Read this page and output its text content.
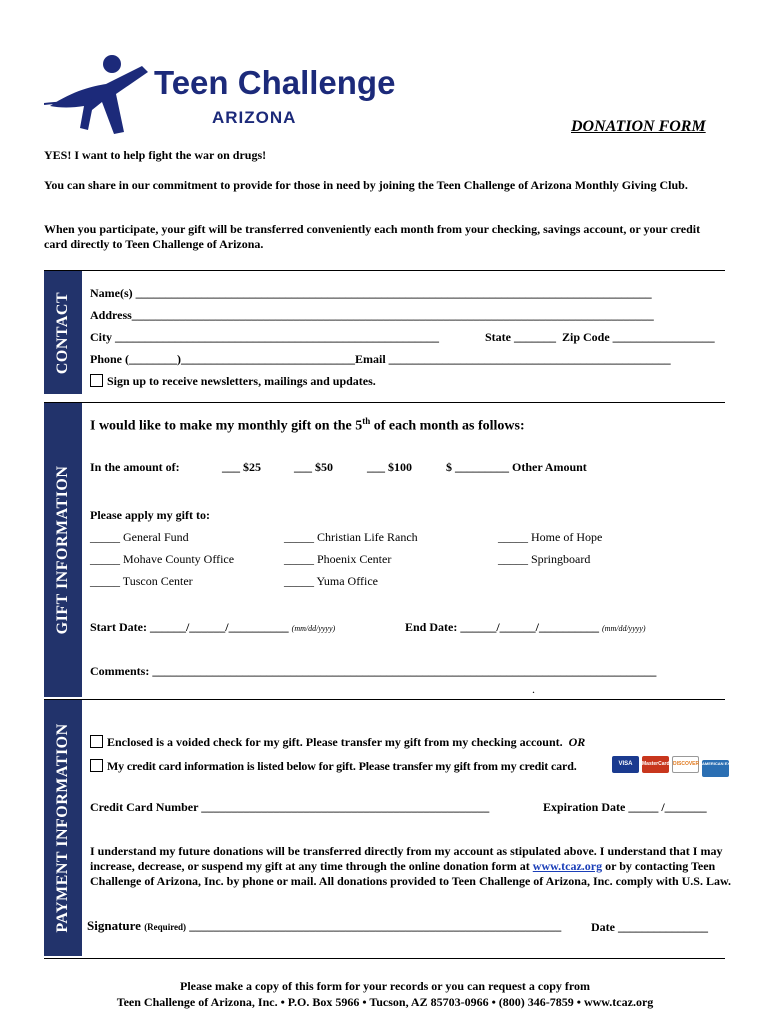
Teen Challenge
ARIZONA	DONATION FORM
YES! I want to help fight the war on drugs!
You can share in our commitment to provide for those in need by joining the Teen Challenge of Arizona Monthly Giving Club.
When you participate, your gift will be transferred conveniently each month from your checking, savings account, or your credit card directly to Teen Challenge of Arizona.
CONTACT
GIFT INFORMATION
PAYMENT INFORMATION
Name(s) ______________________________________________________________________________________
Address_______________________________________________________________________________________
City ______________________________________________________	State _______ Zip Code _________________
Phone (________)_____________________________Email _______________________________________________
Sign up to receive newsletters, mailings and updates.
I would like to make my monthly gift on the 5th of each month as follows:
In the amount of:	___ $25	___ $50	___ $100	$ _________ Other Amount
Please apply my gift to:
_____ General Fund	_____ Christian Life Ranch	_____ Home of Hope
_____ Mohave County Office	_____ Phoenix Center	_____ Springboard
_____ Tuscon Center	_____ Yuma Office
Start Date: ______/______/__________ (mm/dd/yyyy)	End Date: ______/______/__________ (mm/dd/yyyy)
Comments: ____________________________________________________________________________________
.
Enclosed is a voided check for my gift. Please transfer my gift from my checking account. OR
My credit card information is listed below for gift. Please transfer my gift from my credit card.	VISA MasterCard DISCOVER AMERICAN EXPRESS
Credit Card Number ________________________________________________	Expiration Date _____ /_______
I understand my future donations will be transferred directly from my account as stipulated above. I understand that I may increase, decrease, or suspend my gift at any time through the online donation form at www.tcaz.org or by contacting Teen Challenge of Arizona, Inc. by phone or mail. All donations provided to Teen Challenge of Arizona, Inc. comply with U.S. Law.
Signature (Required) ______________________________________________________________ Date _______________
Please make a copy of this form for your records or you can request a copy from
Teen Challenge of Arizona, Inc. • P.O. Box 5966 • Tucson, AZ 85703-0966 • (800) 346-7859 • www.tcaz.org
